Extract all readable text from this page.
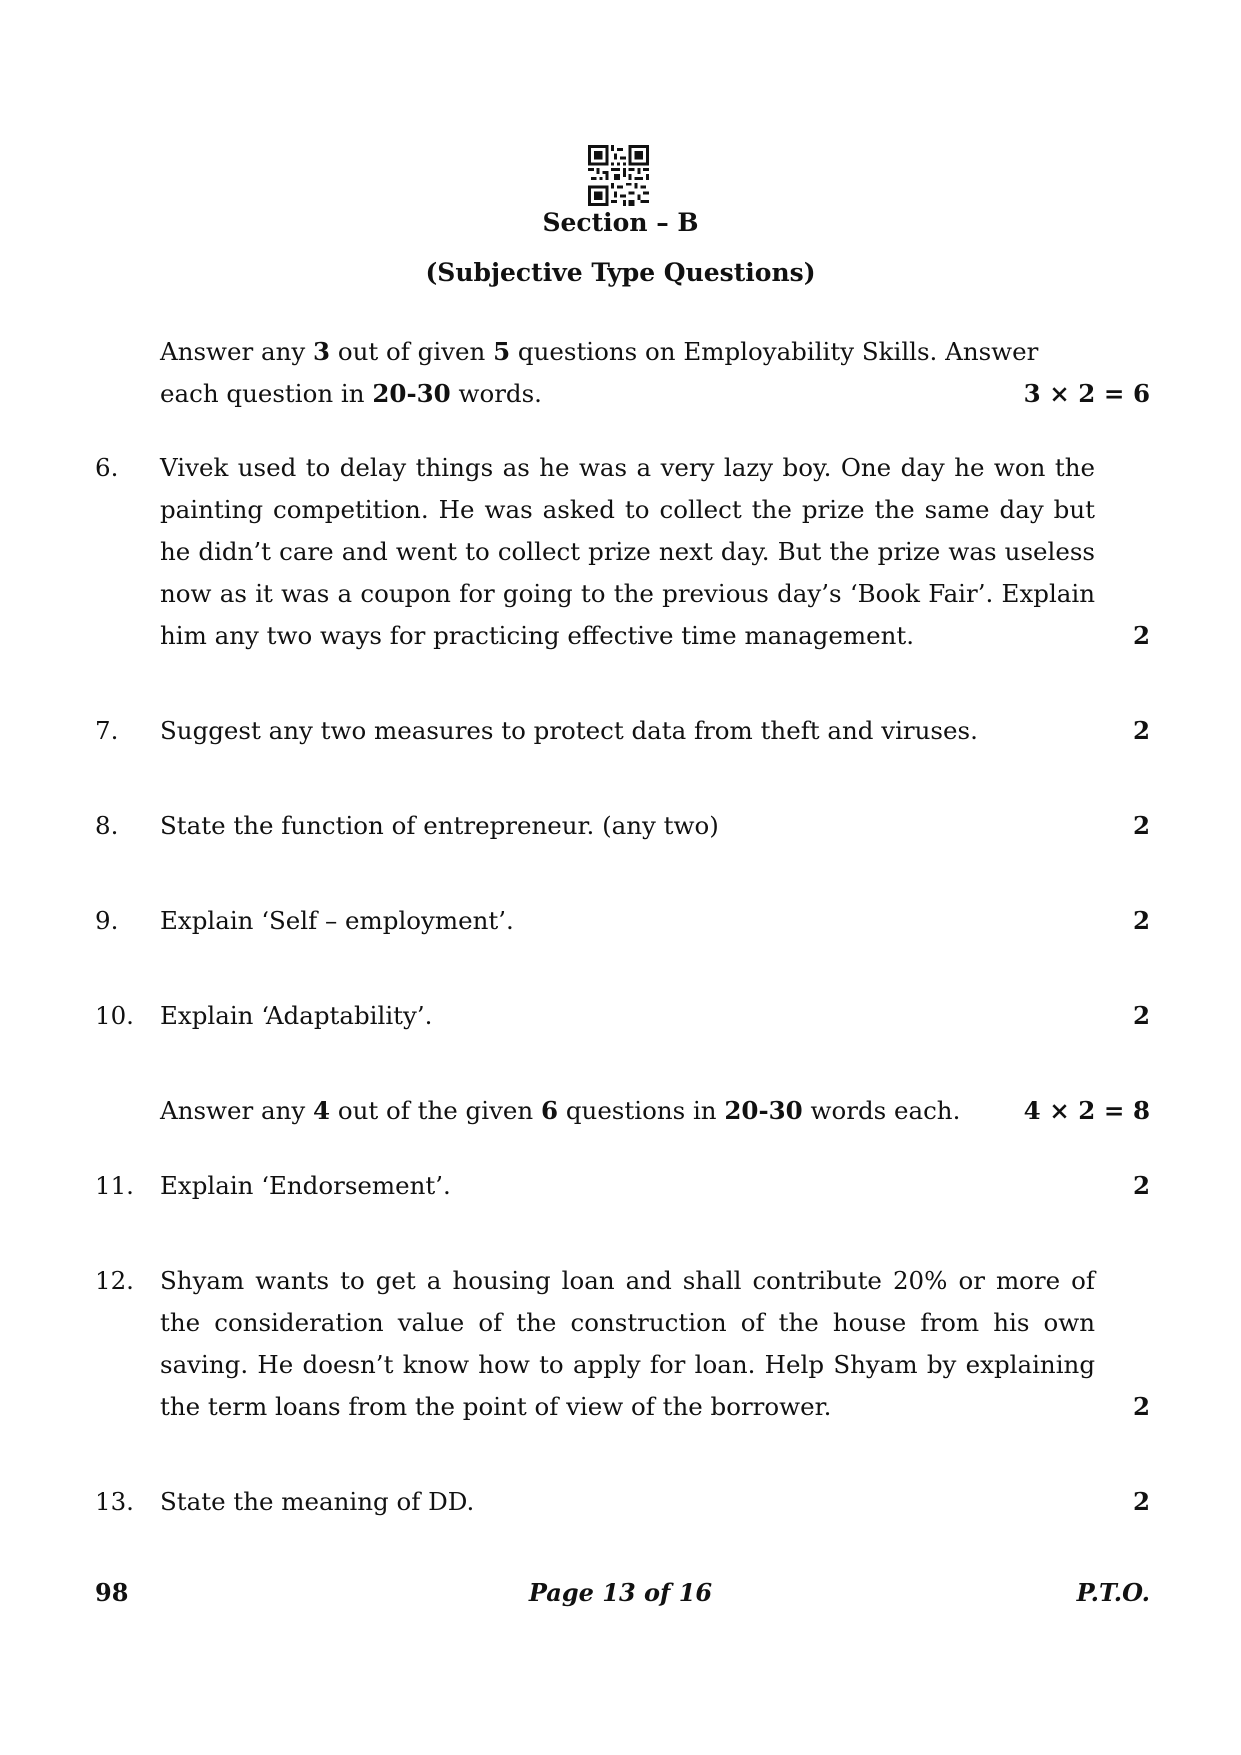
Section – B
(Subjective Type Questions)
Answer any 3 out of given 5 questions on Employability Skills. Answer
each question in 20-30 words.	3 × 2 = 6
6. Vivek used to delay things as he was a very lazy boy. One day he won the painting competition. He was asked to collect the prize the same day but he didn’t care and went to collect prize next day. But the prize was useless now as it was a coupon for going to the previous day’s ‘Book Fair’. Explain him any two ways for practicing effective time management.	2
7. Suggest any two measures to protect data from theft and viruses.	2
8. State the function of entrepreneur. (any two)	2
9. Explain ‘Self – employment’.	2
10. Explain ‘Adaptability’.	2
Answer any 4 out of the given 6 questions in 20-30 words each.	4 × 2 = 8
11. Explain ‘Endorsement’.	2
12. Shyam wants to get a housing loan and shall contribute 20% or more of the consideration value of the construction of the house from his own saving. He doesn’t know how to apply for loan. Help Shyam by explaining the term loans from the point of view of the borrower.	2
13. State the meaning of DD.	2
98	Page 13 of 16	P.T.O.
